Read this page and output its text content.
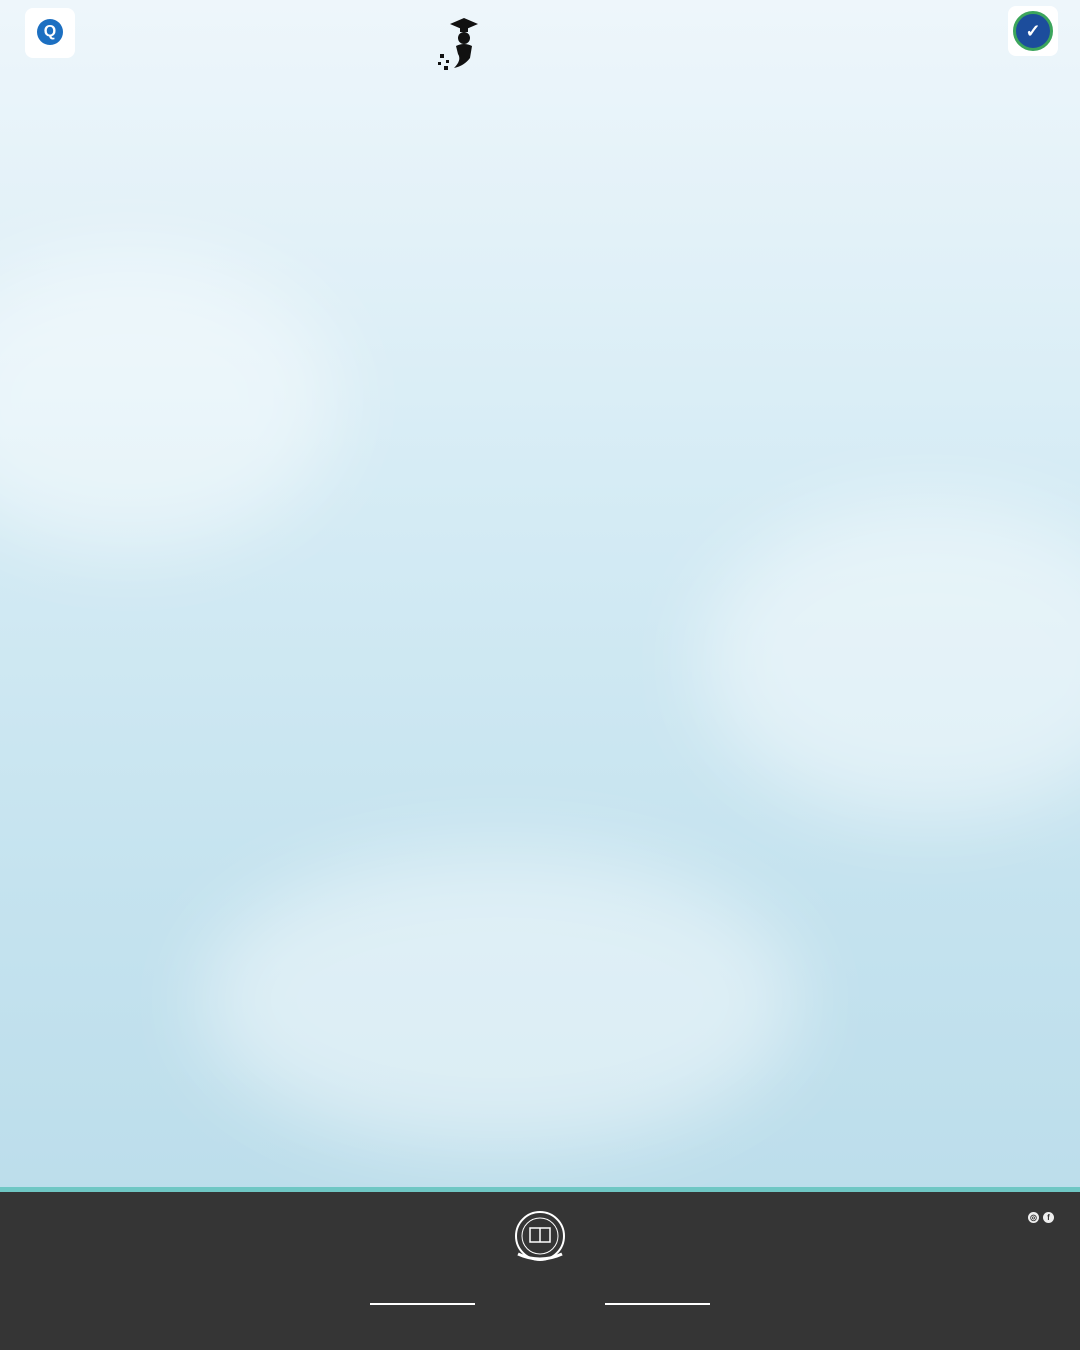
Q	✓
◎	f
